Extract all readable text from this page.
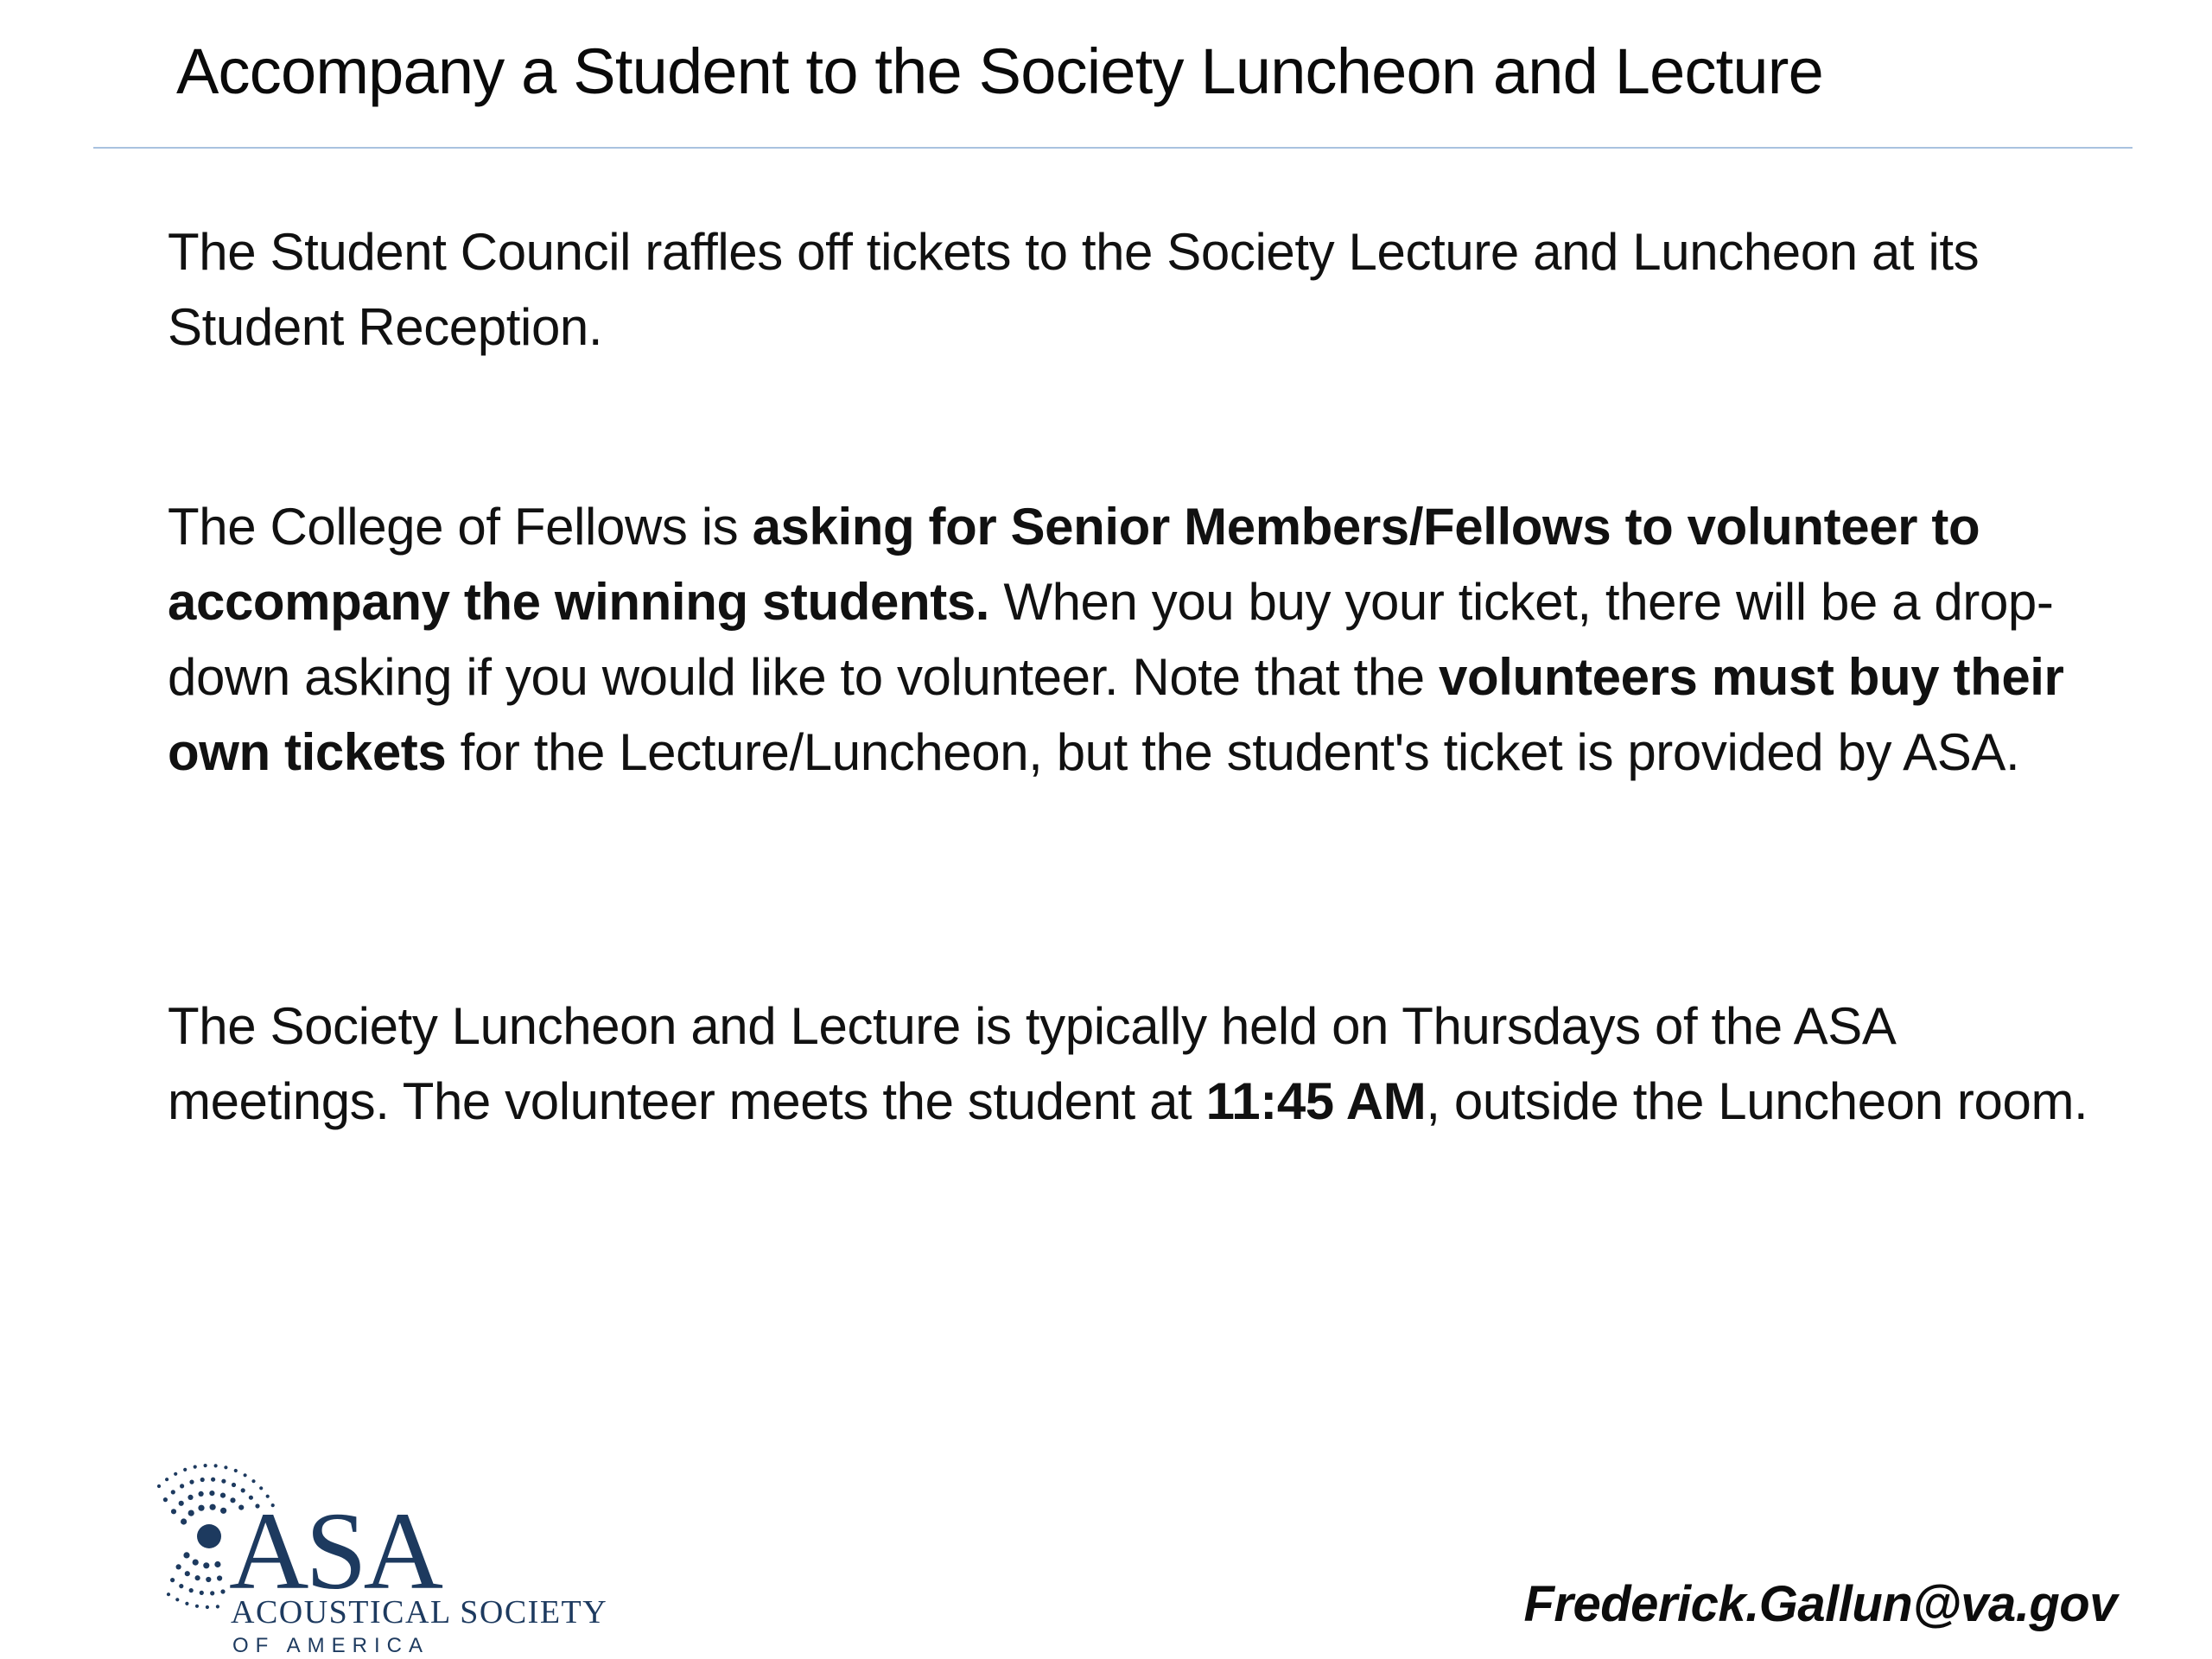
Accompany a Student to the Society Luncheon and Lecture
The Student Council raffles off tickets to the Society Lecture and Luncheon at its Student Reception.
The College of Fellows is asking for Senior Members/Fellows to volunteer to accompany the winning students. When you buy your ticket, there will be a drop-down asking if you would like to volunteer. Note that the volunteers must buy their own tickets for the Lecture/Luncheon, but the student's ticket is provided by ASA.
The Society Luncheon and Lecture is typically held on Thursdays of the ASA meetings. The volunteer meets the student at 11:45 AM, outside the Luncheon room.
ASA
ACOUSTICAL SOCIETY
OF AMERICA
Frederick.Gallun@va.gov
